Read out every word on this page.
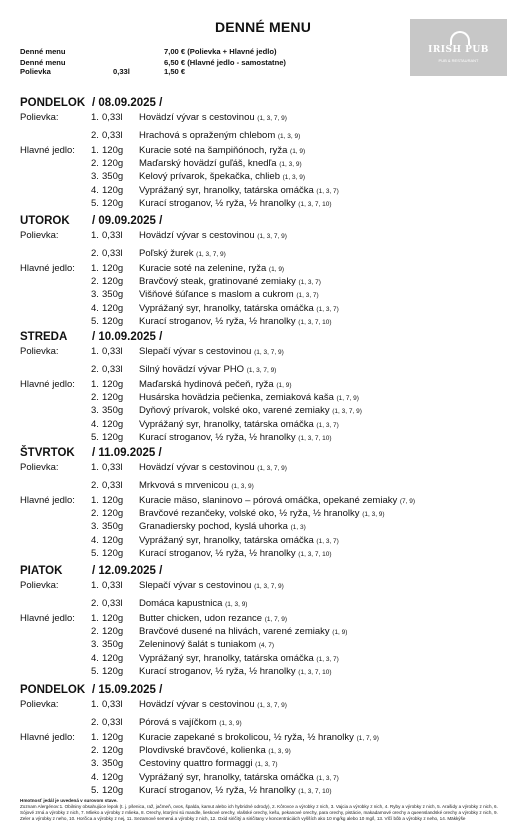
DENNÉ MENU
IRISH PUB
PUB & RESTAURANT
Denné menu	7,00 € (Polievka + Hlavné jedlo)
Denné menu	6,50 € (Hlavné jedlo - samostatne)
Polievka	0,33l	1,50 €
PONDELOK / 08.09.2025 /
Polievka:	1. 0,33l Hovädzí vývar s cestovinou (1, 3, 7, 9)
2. 0,33l Hrachová s opraženým chlebom (1, 3, 9)
Hlavné jedlo: 1. 120g Kuracie soté na šampiňónoch, ryža (1, 9)
2. 120g Maďarský hovädzí guľáš, knedľa (1, 3, 9)
3. 350g Kelový prívarok, špekačka, chlieb (1, 3, 9)
4. 120g Vyprážaný syr, hranolky, tatárska omáčka (1, 3, 7)
5. 120g Kurací stroganov, ½ ryža, ½ hranolky (1, 3, 7, 10)
UTOROK / 09.09.2025 /
Polievka:	1. 0,33l Hovädzí vývar s cestovinou (1, 3, 7, 9)
2. 0,33l Poľský žurek (1, 3, 7, 9)
Hlavné jedlo: 1. 120g Kuracie soté na zelenine, ryža (1, 9)
2. 120g Bravčový steak, gratinované zemiaky (1, 3, 7)
3. 350g Višňové šúľance s maslom a cukrom (1, 3, 7)
4. 120g Vyprážaný syr, hranolky, tatárska omáčka (1, 3, 7)
5. 120g Kurací stroganov, ½ ryža, ½ hranolky (1, 3, 7, 10)
STREDA / 10.09.2025 /
Polievka:	1. 0,33l Slepačí vývar s cestovinou (1, 3, 7, 9)
2. 0,33l Silný hovädzí vývar PHO (1, 3, 7, 9)
Hlavné jedlo: 1. 120g Maďarská hydinová pečeň, ryža (1, 9)
2. 120g Husárska hovädzia pečienka, zemiaková kaša (1, 7, 9)
3. 350g Dyňový prívarok, volské oko, varené zemiaky (1, 3, 7, 9)
4. 120g Vyprážaný syr, hranolky, tatárska omáčka (1, 3, 7)
5. 120g Kurací stroganov, ½ ryža, ½ hranolky (1, 3, 7, 10)
ŠTVRTOK / 11.09.2025 /
Polievka:	1. 0,33l Hovädzí vývar s cestovinou (1, 3, 7, 9)
2. 0,33l Mrkvová s mrvenicou (1, 3, 9)
Hlavné jedlo: 1. 120g Kuracie mäso, slaninovo – pórová omáčka, opekané zemiaky (7, 9)
2. 120g Bravčové rezančeky, volské oko, ½ ryža, ½ hranolky (1, 3, 9)
3. 350g Granadiersky pochod, kyslá uhorka (1, 3)
4. 120g Vyprážaný syr, hranolky, tatárska omáčka (1, 3, 7)
5. 120g Kurací stroganov, ½ ryža, ½ hranolky (1, 3, 7, 10)
PIATOK	/ 12.09.2025 /
Polievka:	1. 0,33l Slepačí vývar s cestovinou (1, 3, 7, 9)
2. 0,33l Domáca kapustnica (1, 3, 9)
Hlavné jedlo: 1. 120g Butter chicken, udon rezance (1, 7, 9)
2. 120g Bravčové dusené na hlivách, varené zemiaky (1, 9)
3. 350g Zeleninový šalát s tuniakom (4, 7)
4. 120g Vyprážaný syr, hranolky, tatárska omáčka (1, 3, 7)
5. 120g Kurací stroganov, ½ ryža, ½ hranolky (1, 3, 7, 10)
PONDELOK / 15.09.2025 /
Polievka:	1. 0,33l Hovädzí vývar s cestovinou (1, 3, 7, 9)
2. 0,33l Pórová s vajíčkom (1, 3, 9)
Hlavné jedlo: 1. 120g Kuracie zapekané s brokolicou, ½ ryža, ½ hranolky (1, 7, 9)
2. 120g Plovdivské bravčové, kolienka (1, 3, 9)
3. 350g Cestoviny quattro formaggi (1, 3, 7)
4. 120g Vyprážaný syr, hranolky, tatárska omáčka (1, 3, 7)
5. 120g Kurací stroganov, ½ ryža, ½ hranolky (1, 3, 7, 10)
Hmotnosť jedál je uvedená v surovom stave.
Zoznam Alergénov:1. Obilniny obsahujúce lepok (t. j. pšenica, raž, jačmeň, ovos, špalda, kamut alebo ich hybridné odrody), 2. Kôrovce a výrobky z nich, 3. Vajcia a výrobky z nich, 4. Ryby a výrobky z nich, 5. Arašidy a výrobky z nich, 6. Sójové zrná a výrobky z nich, 7. Mlieko a výrobky z mlieka, 8. Orechy, ktorými sú mandle, lieskové orechy, vlašské orechy, kešu, pekanové orechy, para orechy, pistácie, makadamové orechy a queenslandské orechy a výrobky z nich, 9. Zeler a výrobky z neho, 10. Horčica a výrobky z nej, 11. Sezamové semená a výrobky z nich, 12. Oxid siričitý a siričitany v koncentráciách vyšších ako 10 mg/kg alebo 10 mg/l, 13. Vlčí bôb a výrobky z neho, 14. Mäkkýše
